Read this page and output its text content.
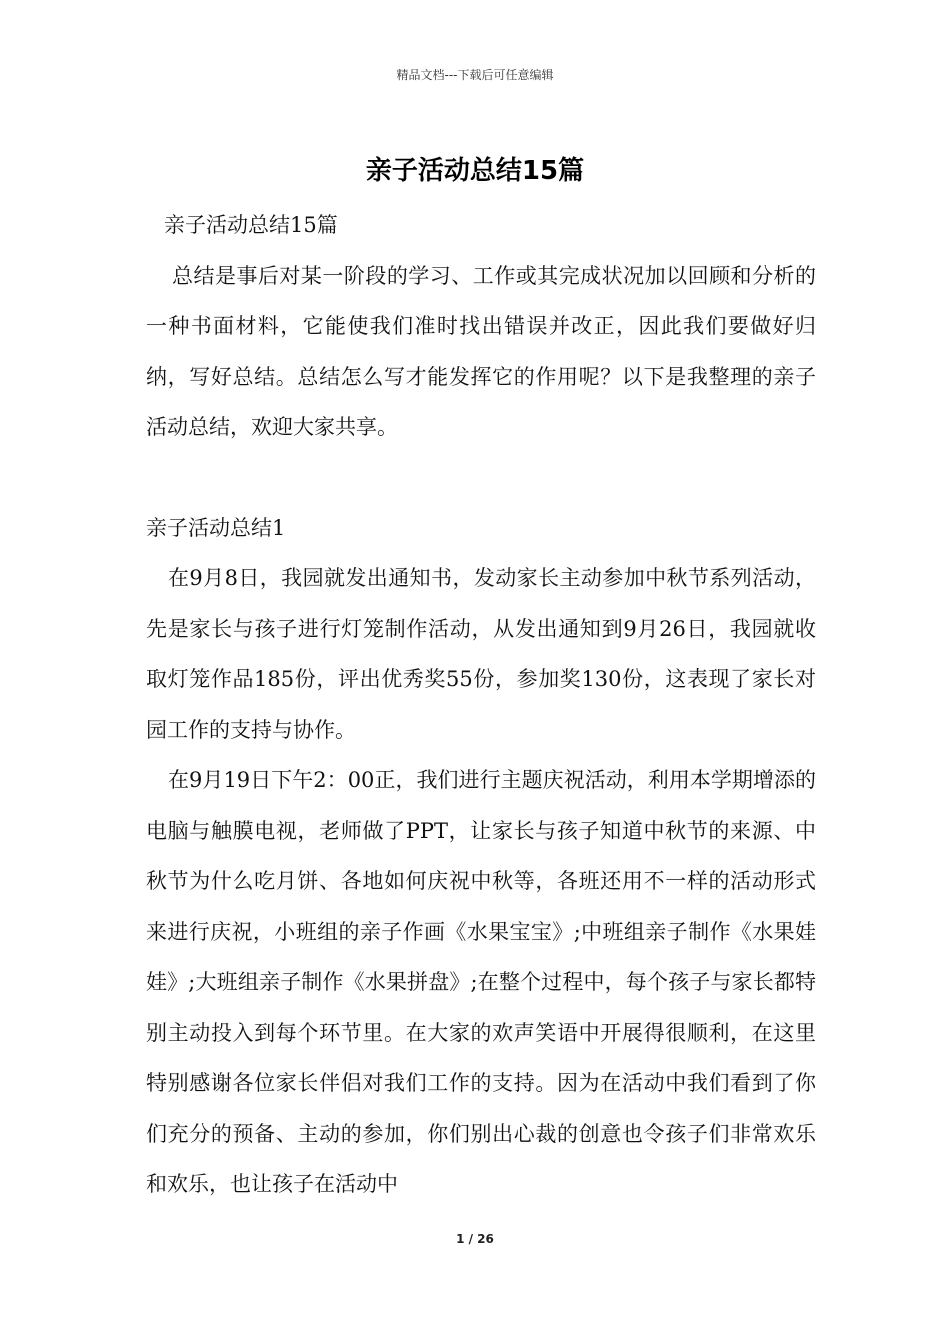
精品文档---下载后可任意编辑
亲子活动总结15篇

亲子活动总结15篇

总结是事后对某一阶段的学习、工作或其完成状况加以回顾和分析的一种书面材料，它能使我们准时找出错误并改正，因此我们要做好归纳，写好总结。总结怎么写才能发挥它的作用呢？以下是我整理的亲子活动总结，欢迎大家共享。

亲子活动总结1

在9月8日，我园就发出通知书，发动家长主动参加中秋节系列活动，先是家长与孩子进行灯笼制作活动，从发出通知到9月26日，我园就收取灯笼作品185份，评出优秀奖55份，参加奖130份，这表现了家长对园工作的支持与协作。

在9月19日下午2：00正，我们进行主题庆祝活动，利用本学期增添的电脑与触膜电视，老师做了PPT，让家长与孩子知道中秋节的来源、中秋节为什么吃月饼、各地如何庆祝中秋等，各班还用不一样的活动形式来进行庆祝，小班组的亲子作画《水果宝宝》;中班组亲子制作《水果娃娃》;大班组亲子制作《水果拼盘》;在整个过程中，每个孩子与家长都特别主动投入到每个环节里。在大家的欢声笑语中开展得很顺利，在这里特别感谢各位家长伴侣对我们工作的支持。因为在活动中我们看到了你们充分的预备、主动的参加，你们别出心裁的创意也令孩子们非常欢乐和欢乐，也让孩子在活动中

1 / 26
